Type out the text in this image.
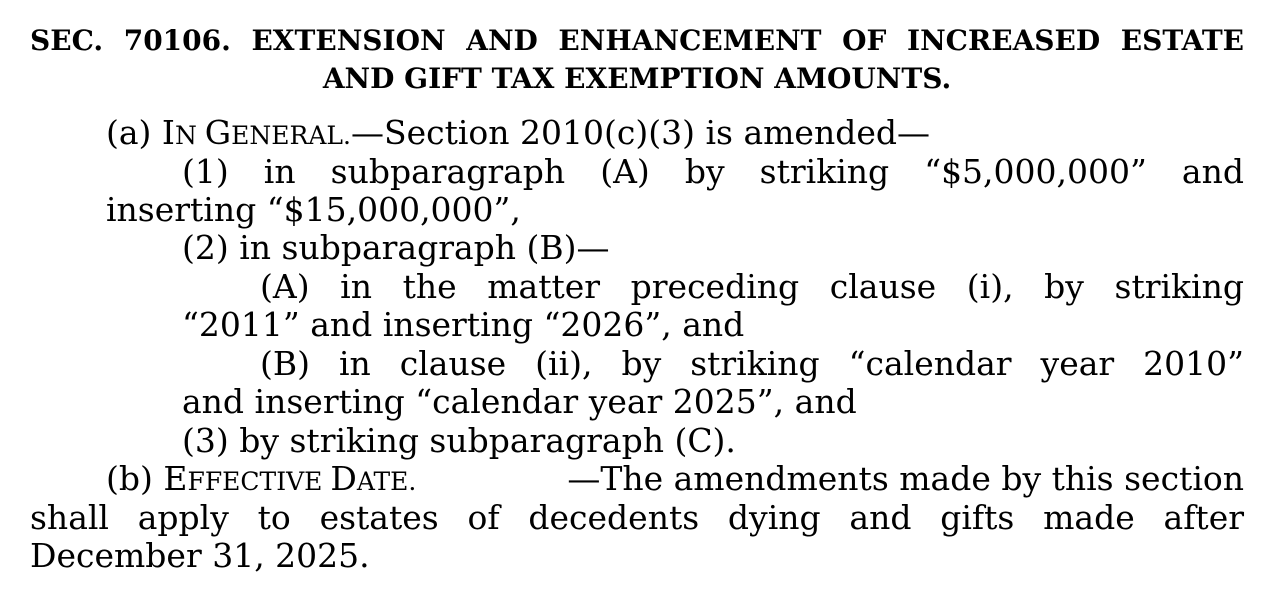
SEC. 70106. EXTENSION AND ENHANCEMENT OF INCREASED ESTATE
AND GIFT TAX EXEMPTION AMOUNTS.
(a) IN GENERAL.—Section 2010(c)(3) is amended—
(1) in subparagraph (A) by striking “$5,000,000” and
inserting “$15,000,000”,
(2) in subparagraph (B)—
(A) in the matter preceding clause (i), by striking
“2011” and inserting “2026”, and
(B) in clause (ii), by striking “calendar year 2010”
and inserting “calendar year 2025”, and
(3) by striking subparagraph (C).
(b) EFFECTIVE DATE.	—The amendments made by this section
shall apply to estates of decedents dying and gifts made after
December 31, 2025.
